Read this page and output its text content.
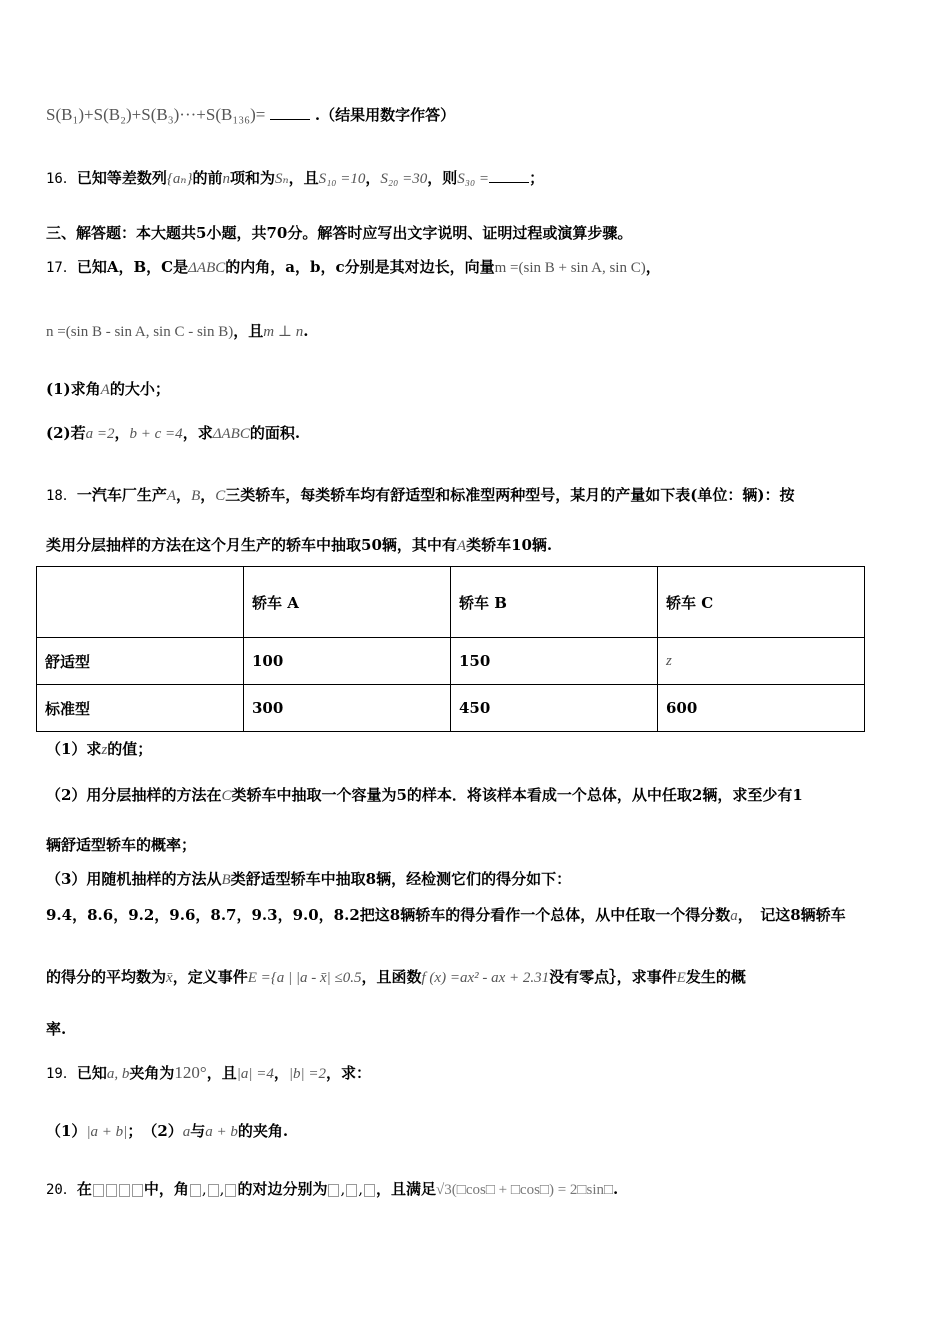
S(B₁)+S(B₂)+S(B₃)···+S(B₁₃₆)=	.（结果用数字作答）
16．已知等差数列{aₙ}的前n项和为Sₙ，且S₁₀ =10，S₂₀ =30，则S₃₀ =	；
三、解答题：本大题共5小题，共70分。解答时应写出文字说明、证明过程或演算步骤。
17．已知A，B，C是ΔABC的内角，a，b，c分别是其对边长，向量m =(sin B + sin A, sin C)，
n =(sin B - sin A, sin C - sin B)，且m ⊥ n.
(1)求角A的大小；
(2)若a =2，b + c =4，求ΔABC的面积.
18．一汽车厂生产A，B，C三类轿车，每类轿车均有舒适型和标准型两种型号，某月的产量如下表(单位：辆)：按
类用分层抽样的方法在这个月生产的轿车中抽取50辆，其中有A类轿车10辆.
	轿车 A	轿车 B	轿车 C
舒适型	100	150	z
标准型	300	450	600
（1）求z的值；
（2）用分层抽样的方法在C类轿车中抽取一个容量为5的样本．将该样本看成一个总体，从中任取2辆，求至少有1
辆舒适型轿车的概率；
（3）用随机抽样的方法从B类舒适型轿车中抽取8辆，经检测它们的得分如下：
9.4，8.6，9.2，9.6，8.7，9.3，9.0，8.2把这8辆轿车的得分看作一个总体，从中任取一个得分数a，　记这8辆轿车
的得分的平均数为x̄，定义事件E ={a | |a - x̄| ≤0.5，且函数f (x) =ax² - ax + 2.31没有零点｝，求事件E发生的概
率.
19．已知a, b夹角为120°，且|a| =4，|b| =2，求：
（1）|a + b|；　 （2）a与a + b的夹角.
20．在	中，角 , , 的对边分别为 , , ，且满足√3(□cos□ + □cos□) = 2□sin□.
